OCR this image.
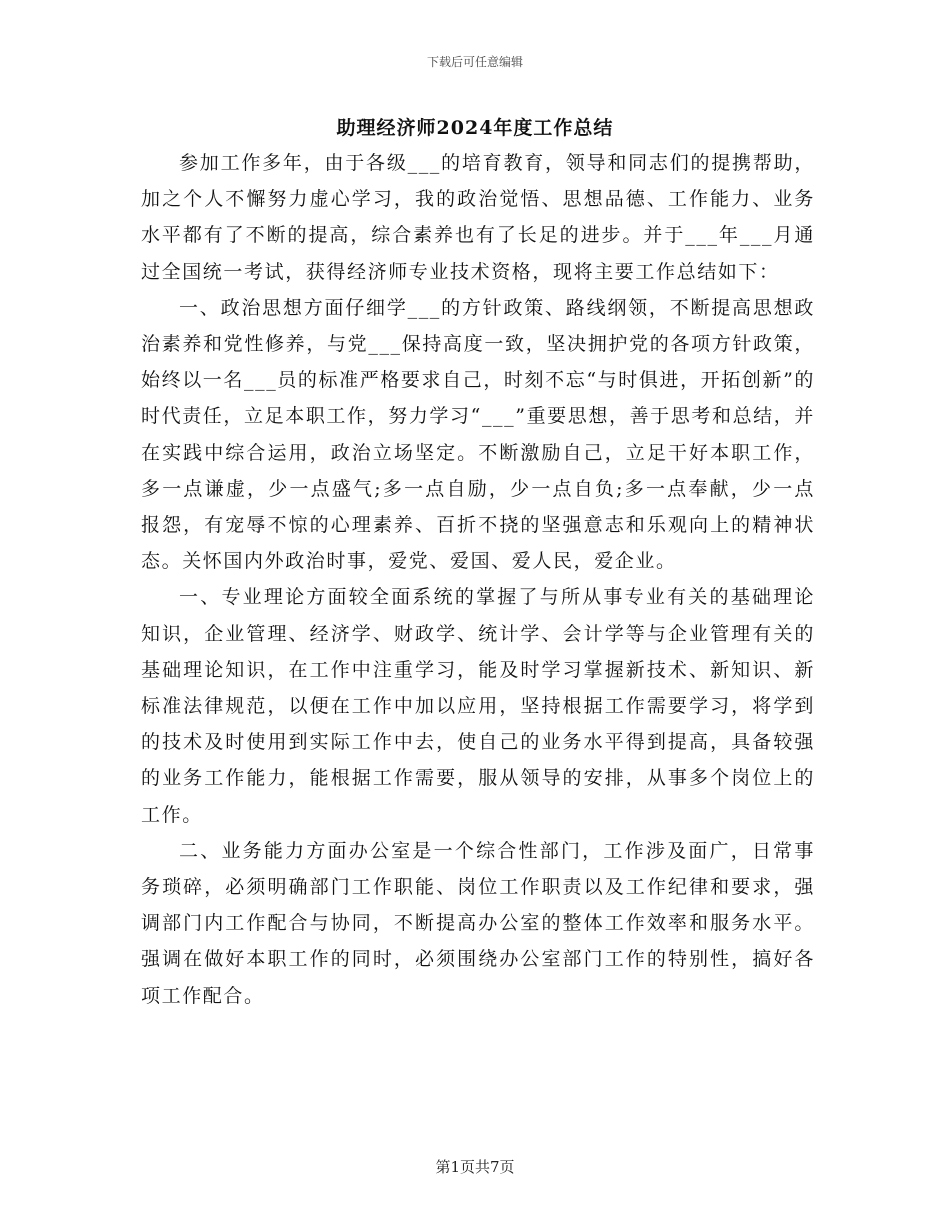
下载后可任意编辑
助理经济师2024年度工作总结

参加工作多年，由于各级___的培育教育，领导和同志们的提携帮助，加之个人不懈努力虚心学习，我的政治觉悟、思想品德、工作能力、业务水平都有了不断的提高，综合素养也有了长足的进步。并于___年___月通过全国统一考试，获得经济师专业技术资格，现将主要工作总结如下：

一、政治思想方面仔细学___的方针政策、路线纲领，不断提高思想政治素养和党性修养，与党___保持高度一致，坚决拥护党的各项方针政策，始终以一名___员的标准严格要求自己，时刻不忘“与时俱进，开拓创新”的时代责任，立足本职工作，努力学习“___”重要思想，善于思考和总结，并在实践中综合运用，政治立场坚定。不断激励自己，立足干好本职工作，多一点谦虚，少一点盛气;多一点自励，少一点自负;多一点奉献，少一点报怨，有宠辱不惊的心理素养、百折不挠的坚强意志和乐观向上的精神状态。关怀国内外政治时事，爱党、爱国、爱人民，爱企业。

一、专业理论方面较全面系统的掌握了与所从事专业有关的基础理论知识，企业管理、经济学、财政学、统计学、会计学等与企业管理有关的基础理论知识，在工作中注重学习，能及时学习掌握新技术、新知识、新标准法律规范，以便在工作中加以应用，坚持根据工作需要学习，将学到的技术及时使用到实际工作中去，使自己的业务水平得到提高，具备较强的业务工作能力，能根据工作需要，服从领导的安排，从事多个岗位上的工作。

二、业务能力方面办公室是一个综合性部门，工作涉及面广，日常事务琐碎，必须明确部门工作职能、岗位工作职责以及工作纪律和要求，强调部门内工作配合与协同，不断提高办公室的整体工作效率和服务水平。强调在做好本职工作的同时，必须围绕办公室部门工作的特别性，搞好各项工作配合。

第1页共7页
